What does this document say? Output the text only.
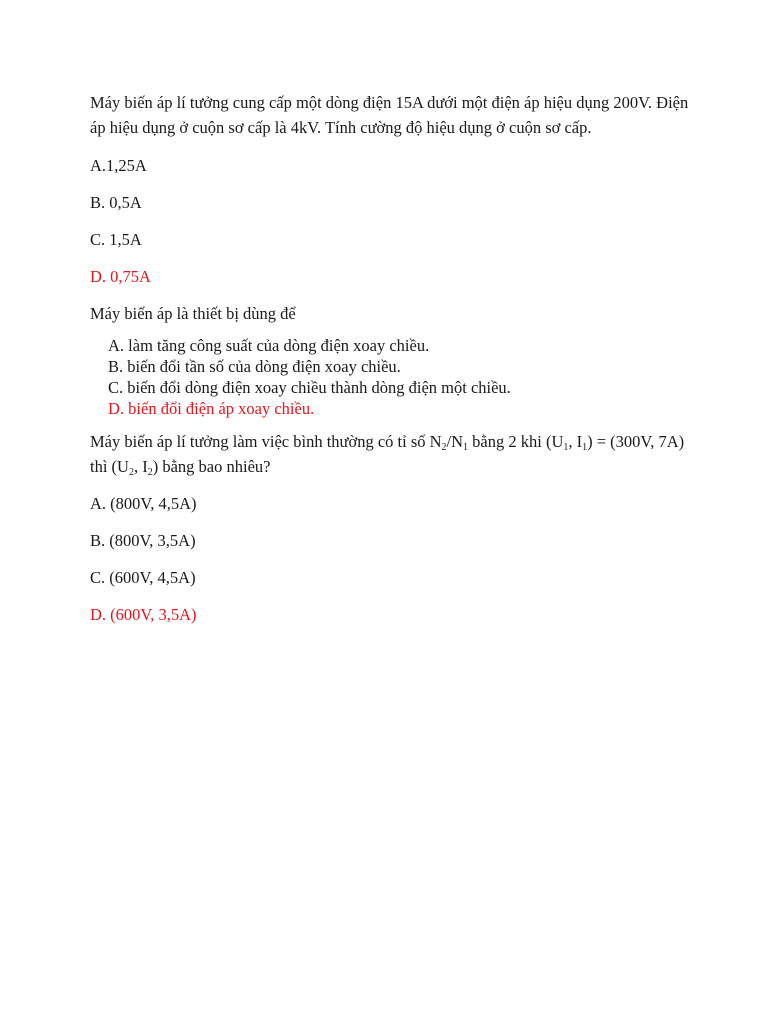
Máy biến áp lí tưởng cung cấp một dòng điện 15A dưới một điện áp hiệu dụng 200V. Điện áp hiệu dụng ở cuộn sơ cấp là 4kV. Tính cường độ hiệu dụng ở cuộn sơ cấp.

A.1,25A

B. 0,5A

C. 1,5A

D. 0,75A

Máy biến áp là thiết bị dùng để

A. làm tăng công suất của dòng điện xoay chiều.

B. biến đổi tần số của dòng điện xoay chiều.

C. biến đổi dòng điện xoay chiều thành dòng điện một chiều.

D. biến đổi điện áp xoay chiều.

Máy biến áp lí tưởng làm việc bình thường có tỉ số $N_2/N_1$ bằng 2 khi ($U_1$, $I_1) = (300V$, 7A) thì ($U_2$, $I_2$) bằng bao nhiêu?

A. (800V, 4,5A)

B. (800V, 3,5A)

C. (600V, 4,5A)

D. (600V, 3,5A)
